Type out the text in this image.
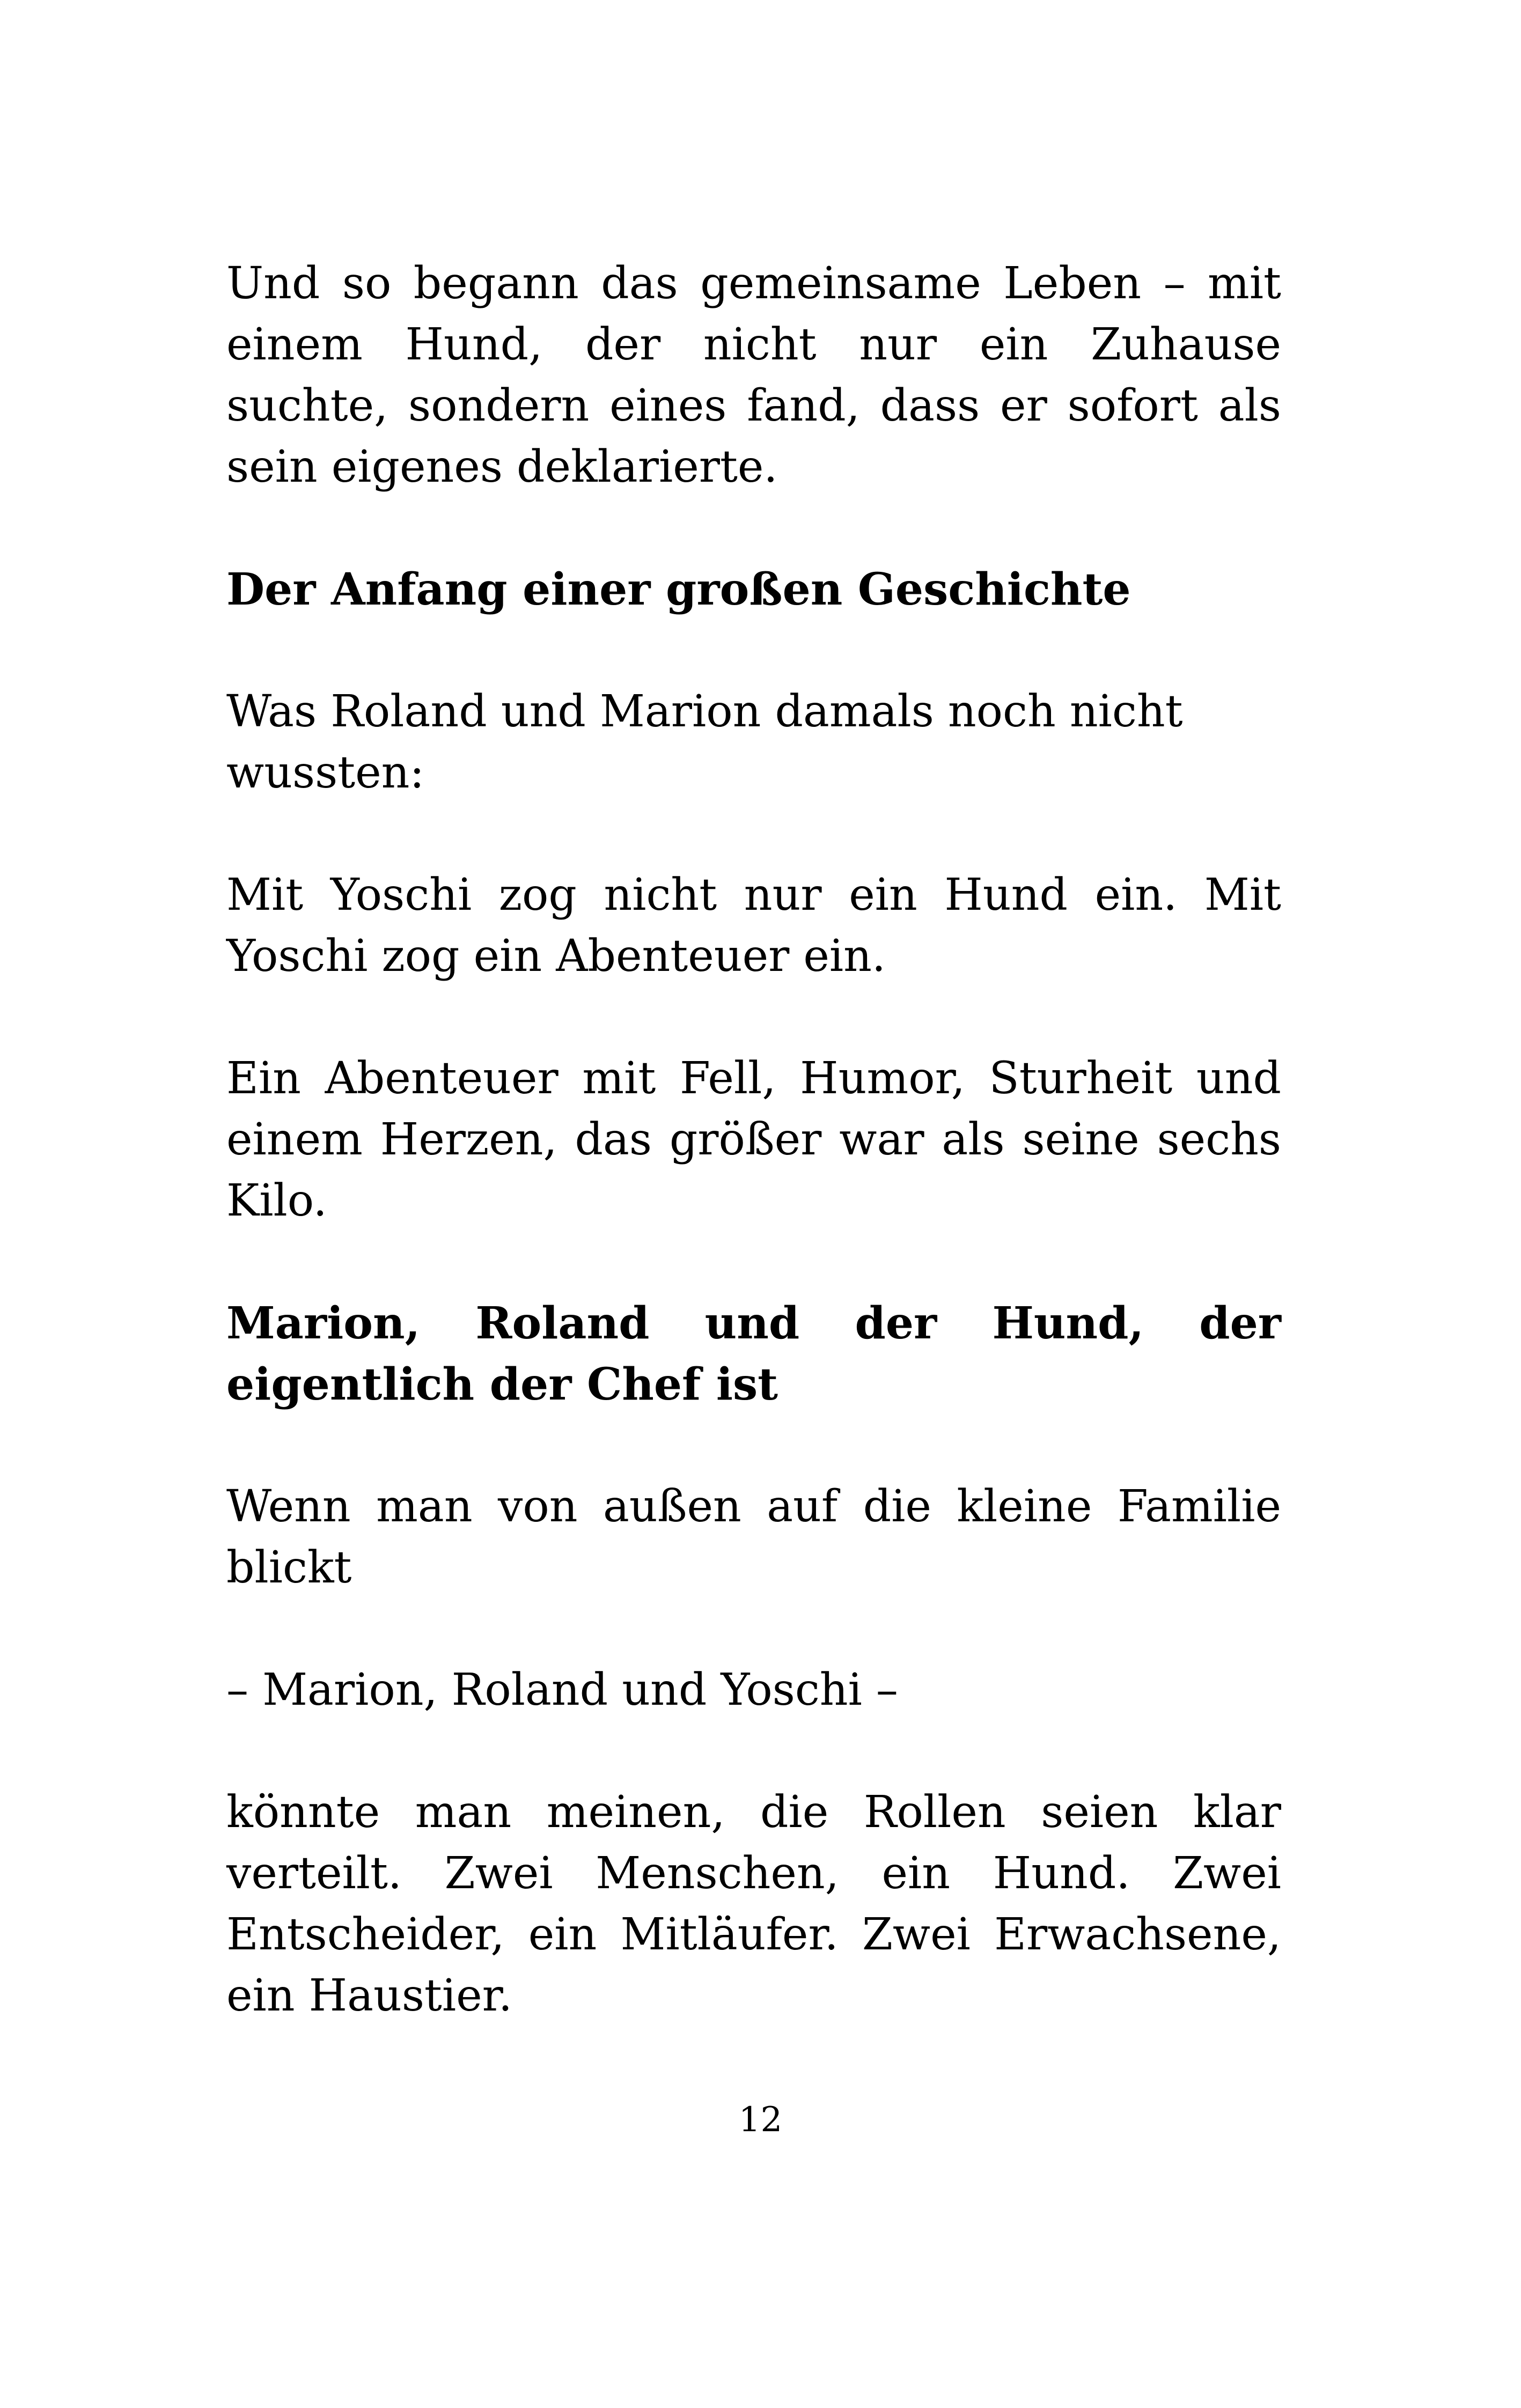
Und so begann das gemeinsame Leben – mit einem Hund, der nicht nur ein Zuhause suchte, sondern eines fand, dass er sofort als sein eigenes deklarierte.

Der Anfang einer großen Geschichte

Was Roland und Marion damals noch nicht wussten:

Mit Yoschi zog nicht nur ein Hund ein. Mit Yoschi zog ein Abenteuer ein.

Ein Abenteuer mit Fell, Humor, Sturheit und einem Herzen, das größer war als seine sechs Kilo.

Marion, Roland und der Hund, der eigentlich der Chef ist

Wenn man von außen auf die kleine Familie blickt

– Marion, Roland und Yoschi –

könnte man meinen, die Rollen seien klar verteilt. Zwei Menschen, ein Hund. Zwei Entscheider, ein Mitläufer. Zwei Erwachsene, ein Haustier.

12
